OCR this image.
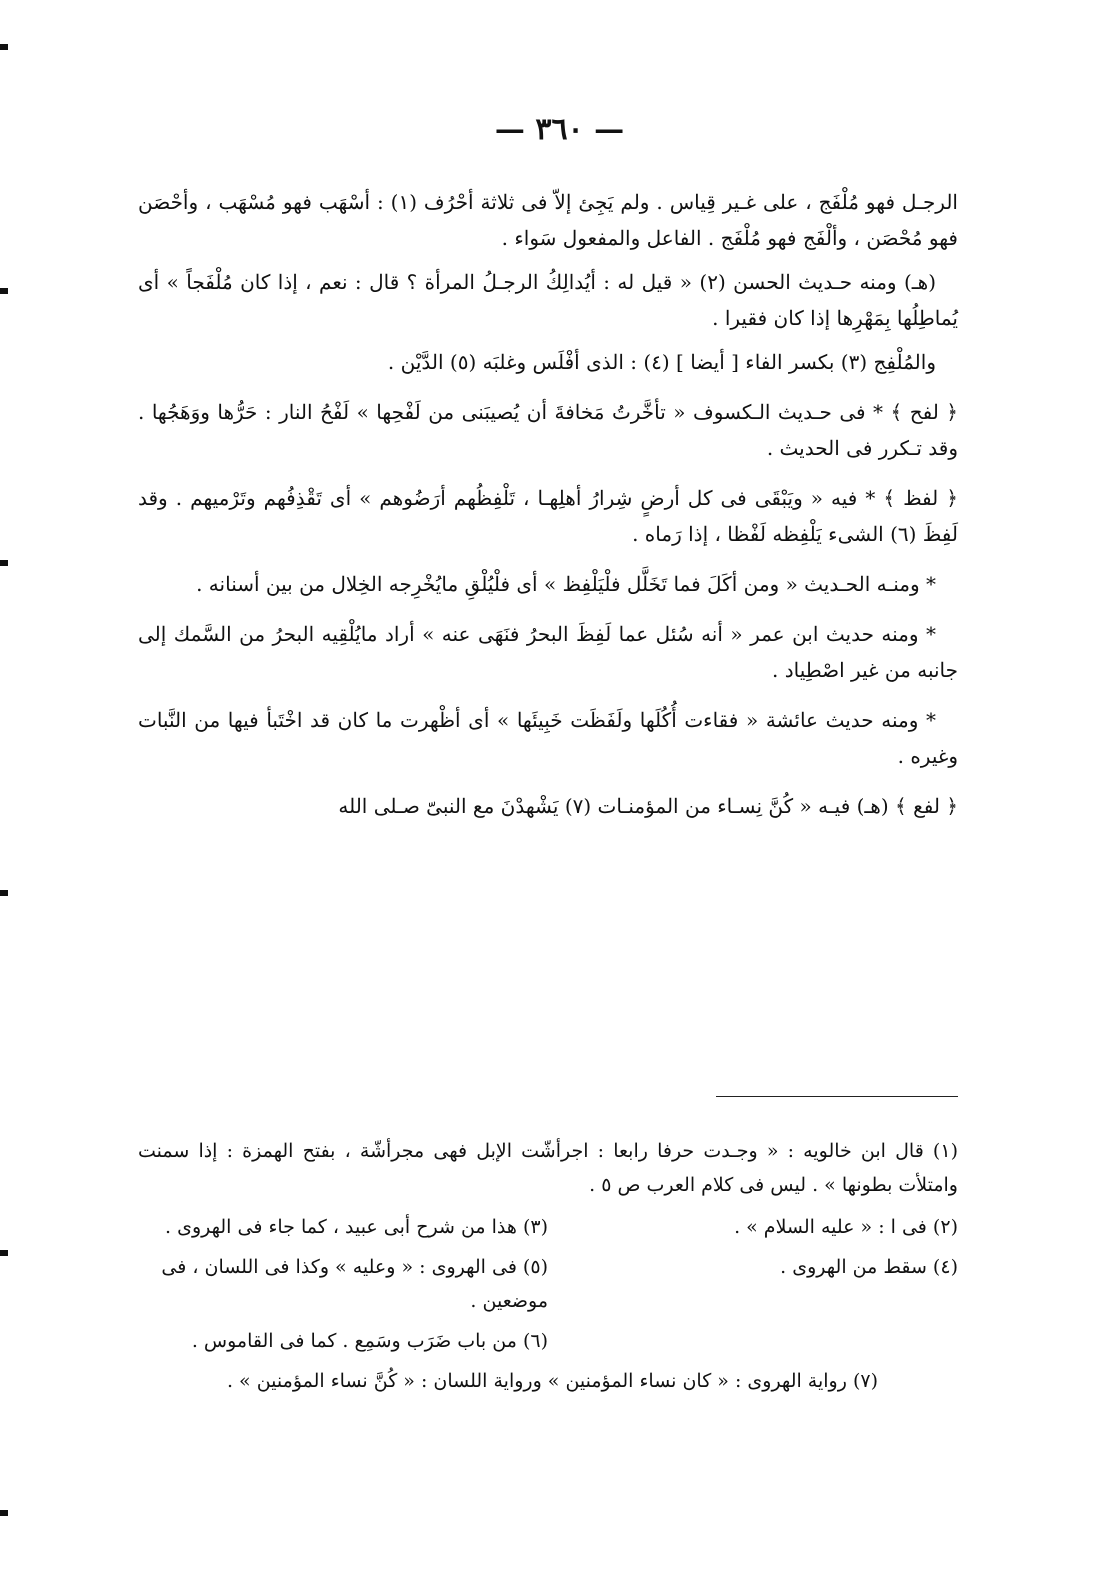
— ٣٦٠ —

الرجـل فهو مُلْفَج ، على غـير قِياس . ولم يَجِئ إلاّ فى ثلاثة أحْرُف (١) : أسْهَب فهو مُسْهَب ، وأحْصَن فهو مُحْصَن ، وألْفَج فهو مُلْفَج . الفاعل والمفعول سَواء .

(هـ) ومنه حـديث الحسن (٢) « قيل له : أيُدالِكُ الرجـلُ المرأة ؟ قال : نعم ، إذا كان مُلْفَجاً » أى يُماطِلُها بِمَهْرِها إذا كان فقيرا .

والمُلْفِج (٣) بكسر الفاء [ أيضا ] (٤) : الذى أفْلَس وغلبَه (٥) الدَّيْن .

﴿ لفح ﴾ * فى حـديث الـكسوف « تأخَّرتُ مَخافةَ أن يُصيبَنى من لَفْحِها » لَفْحُ النار : حَرُّها ووَهَجُها . وقد تـكرر فى الحديث .

﴿ لفظ ﴾ * فيه « ويَبْقَى فى كل أرضٍ شِرارُ أهلِهـا ، تَلْفِظُهم أرَضُوهم » أى تَقْذِفُهم وتَرْميهم . وقد لَفِظَ (٦) الشىء يَلْفِظه لَفْظا ، إذا رَماه .

* ومنـه الحـديث « ومن أكَلَ فما تَخَلَّل فلْيَلْفِظ » أى فلْيُلْقِ مايُخْرِجه الخِلال من بين أسنانه .

* ومنه حديث ابن عمر « أنه سُئل عما لَفِظَ البحرُ فنَهَى عنه » أراد مايُلْقِيه البحرُ من السَّمك إلى جانبه من غير اصْطِياد .

* ومنه حديث عائشة « فقاءت أُكُلَها ولَفَظَت خَبِيئَها » أى أظْهرت ما كان قد اخْتَبأ فيها من النَّبات وغيره .

﴿ لفع ﴾ (هـ) فيـه « كُنَّ نِسـاء من المؤمنـات (٧) يَشْهدْنَ مع النبىّ صـلى الله

(١) قال ابن خالويه : « وجـدت حرفا رابعا : اجرأشّت الإبل فهى مجرأشّة ، بفتح الهمزة : إذا سمنت وامتلأت بطونها » . ليس فى كلام العرب ص ٥ .

(٢) فى ا : « عليه السلام » .
(٣) هذا من شرح أبى عبيد ، كما جاء فى الهروى .
(٤) سقط من الهروى .
(٥) فى الهروى : « وعليه » وكذا فى اللسان ، فى موضعين .
(٦) من باب ضَرَب وسَمِع . كما فى القاموس .

(٧) رواية الهروى : « كان نساء المؤمنين » ورواية اللسان : « كُنَّ نساء المؤمنين » .
